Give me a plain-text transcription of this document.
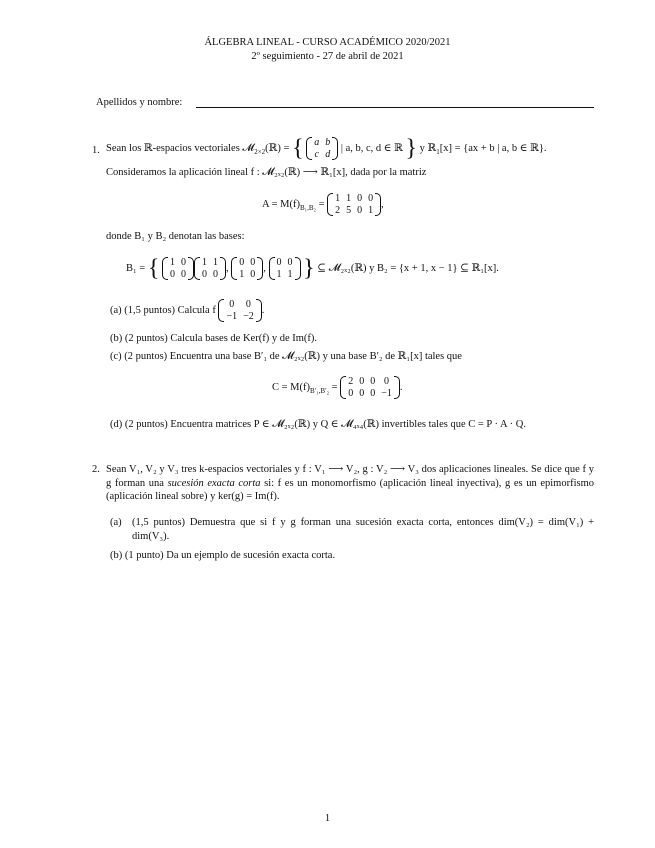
ÁLGEBRA LINEAL - CURSO ACADÉMICO 2020/2021
2º seguimiento - 27 de abril de 2021
Apellidos y nombre:
1. Sean los ℝ-espacios vectoriales 𝓜$_{2\times 2}$(ℝ) = { a	b
c	d
| a, b, c, d ∈ ℝ } y ℝ$_1$[x] = {ax + b | a, b ∈ ℝ}.
Consideramos la aplicación lineal f : 𝓜₂ₓ₂(ℝ) ⟶ ℝ₁[x], dada por la matriz
$A = M(f)_{B_1,B_2}$ =
1	1	0	0
2	5	0	1
,
donde B₁ y B₂ denotan las bases:
B₁ = { 1	0
0	0
1	1
0	0
,
0	0
1	0
,
0	0
1	1 } ⊆ 𝓜₂ₓ₂(ℝ) y B₂ = {x + 1, x − 1} ⊆ ℝ₁[x].
(a) (1,5 puntos) Calcula f
0	0
−1	−2
.
(b) (2 puntos) Calcula bases de Ker(f) y de Im(f).
(c) (2 puntos) Encuentra una base B′₁ de 𝓜₂ₓ₂(ℝ) y una base B′₂ de ℝ₁[x] tales que
$C = M(f)_{B'_1,B'_2}$ =
2	0	0	0
0	0	0	−1
.
(d) (2 puntos) Encuentra matrices P ∈ 𝓜₂ₓ₂(ℝ) y Q ∈ 𝓜₄ₓ₄(ℝ) invertibles tales que C = P · A · Q.
2. Sean V₁, V₂ y V₃ tres k-espacios vectoriales y f : V₁ ⟶ V₂, g : V₂ ⟶ V₃ dos aplicaciones lineales. Se dice que f y g forman una sucesión exacta corta si: f es un monomorfismo (aplicación lineal inyectiva), g es un epimorfismo (aplicación lineal sobre) y ker(g) = Im(f).
(a) (1,5 puntos) Demuestra que si f y g forman una sucesión exacta corta, entonces dim(V₂) = dim(V₁) + dim(V₃).
(b) (1 punto) Da un ejemplo de sucesión exacta corta.
1
